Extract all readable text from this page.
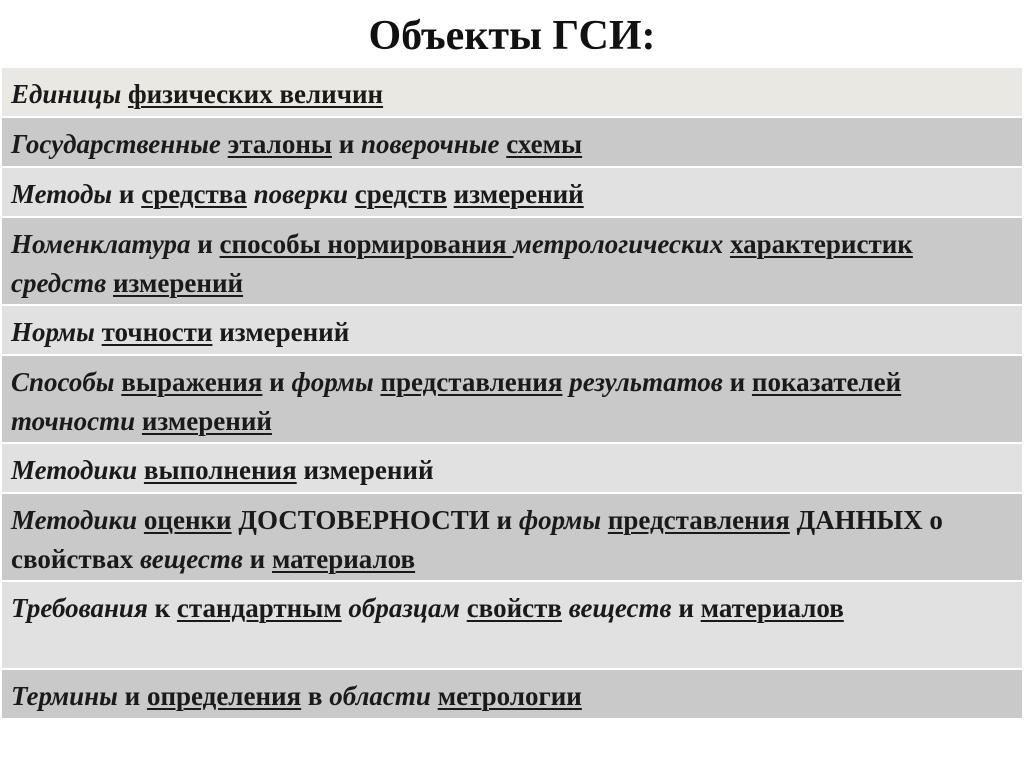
Объекты ГСИ:
Единицы физических величин
Государственные эталоны и поверочные схемы
Методы и средства поверки средств измерений
Номенклатура и способы нормирования метрологических характеристик средств измерений
Нормы точности измерений
Способы выражения и формы представления результатов и показателей точности измерений
Методики выполнения измерений
Методики оценки ДОСТОВЕРНОСТИ и формы представления ДАННЫХ о свойствах веществ и материалов
Требования к стандартным образцам свойств веществ и материалов
Термины и определения в области метрологии
